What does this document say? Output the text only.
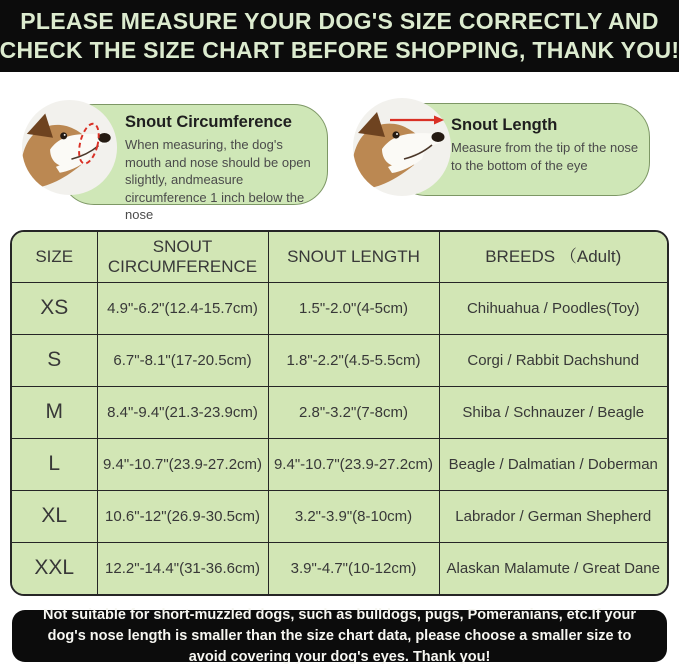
PLEASE MEASURE YOUR DOG'S SIZE CORRECTLY AND
CHECK THE SIZE CHART BEFORE SHOPPING, THANK YOU!
Snout Circumference
When measuring, the dog's mouth and nose should be open slightly, andmeasure circumference 1 inch below the nose
Snout Length
Measure from the tip of the nose to the bottom of the eye
SIZE	SNOUT CIRCUMFERENCE	SNOUT LENGTH	BREEDS （Adult)
XS	4.9"-6.2"(12.4-15.7cm)	1.5"-2.0"(4-5cm)	Chihuahua / Poodles(Toy)
S	6.7"-8.1"(17-20.5cm)	1.8"-2.2"(4.5-5.5cm)	Corgi / Rabbit Dachshund
M	8.4"-9.4"(21.3-23.9cm)	2.8"-3.2"(7-8cm)	Shiba / Schnauzer / Beagle
L	9.4"-10.7"(23.9-27.2cm)	9.4"-10.7"(23.9-27.2cm)	Beagle / Dalmatian / Doberman
XL	10.6"-12"(26.9-30.5cm)	3.2"-3.9"(8-10cm)	Labrador / German Shepherd
XXL	12.2"-14.4"(31-36.6cm)	3.9"-4.7"(10-12cm)	Alaskan Malamute / Great Dane
Not suitable for short-muzzled dogs, such as bulldogs, pugs, Pomeranians, etc.If your dog's nose length is smaller than the size chart data, please choose a smaller size to avoid covering your dog's eyes. Thank you!
